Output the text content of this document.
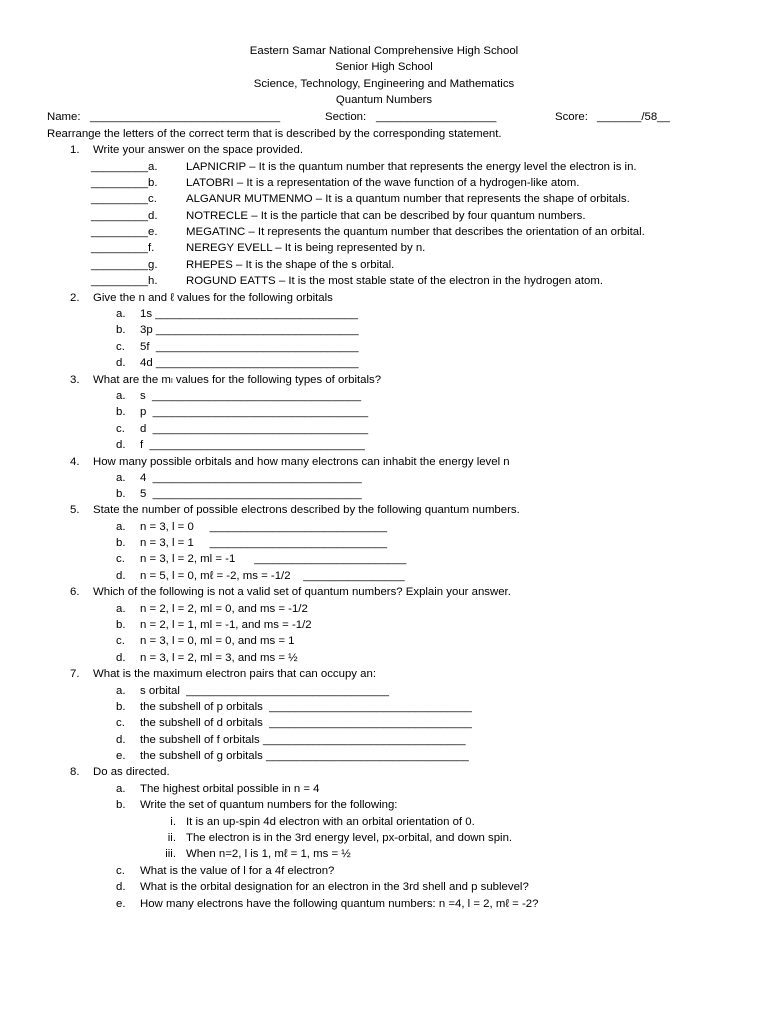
Eastern Samar National Comprehensive High School
Senior High School
Science, Technology, Engineering and Mathematics
Quantum Numbers
Name: ______________________________	Section: ___________________	Score: _______/58__
Rearrange the letters of the correct term that is described by the corresponding statement.
1. Write your answer on the space provided.
_________a. LAPNICRIP – It is the quantum number that represents the energy level the electron is in.
_________b. LATOBRI – It is a representation of the wave function of a hydrogen-like atom.
_________c.	ALGANUR MUTMENMO – It is a quantum number that represents the shape of orbitals.
_________d. NOTRECLE – It is the particle that can be described by four quantum numbers.
_________e. MEGATINC – It represents the quantum number that describes the orientation of an orbital.
_________f.	NEREGY EVELL – It is being represented by n.
_________g. RHEPES – It is the shape of the s orbital.
_________h. ROGUND EATTS – It is the most stable state of the electron in the hydrogen atom.
2. Give the n and ℓ values for the following orbitals
a. 1s ________________________________
b. 3p ________________________________
c. 5f  ________________________________
d. 4d ________________________________
3. What are the mₗ values for the following types of orbitals?
a. s  _________________________________
b. p  __________________________________
c. d  __________________________________
d. f  __________________________________
4. How many possible orbitals and how many electrons can inhabit the energy level n
a. 4  _________________________________
b. 5  _________________________________
5. State the number of possible electrons described by the following quantum numbers.
a. n = 3, l = 0     ____________________________
b. n = 3, l = 1     ____________________________
c. n = 3, l = 2, ml = -1      ________________________
d. n = 5, l = 0, mℓ = -2, ms = -1/2    ________________
6. Which of the following is not a valid set of quantum numbers? Explain your answer.
a. n = 2, l = 2, ml = 0, and ms = -1/2
b. n = 2, l = 1, ml = -1, and ms = -1/2
c. n = 3, l = 0, ml = 0, and ms = 1
d. n = 3, l = 2, ml = 3, and ms = ½
7. What is the maximum electron pairs that can occupy an:
a. s orbital  ________________________________
b. the subshell of p orbitals  ________________________________
c. the subshell of d orbitals  ________________________________
d. the subshell of f orbitals ________________________________
e. the subshell of g orbitals ________________________________
8. Do as directed.
a. The highest orbital possible in n = 4
b. Write the set of quantum numbers for the following:
i. It is an up-spin 4d electron with an orbital orientation of 0.
ii. The electron is in the 3rd energy level, px-orbital, and down spin.
iii. When n=2, l is 1, mℓ = 1, ms = ½
c. What is the value of l for a 4f electron?
d. What is the orbital designation for an electron in the 3rd shell and p sublevel?
e. How many electrons have the following quantum numbers: n =4, l = 2, mℓ = -2?
